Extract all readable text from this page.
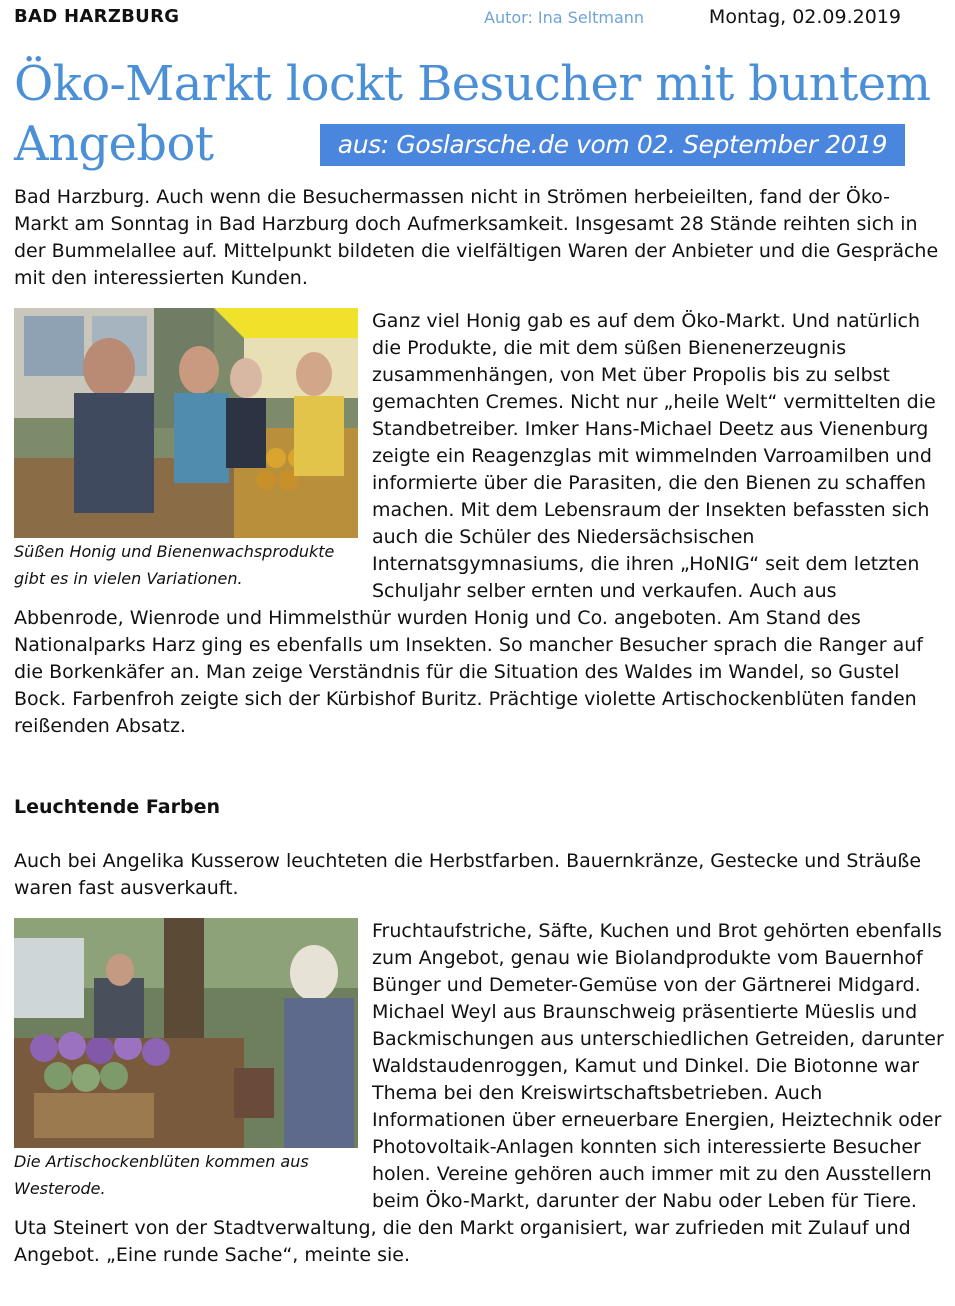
BAD HARZBURG	Autor: Ina Seltmann	Montag, 02.09.2019
Öko-Markt lockt Besucher mit buntem Angebot	aus: Goslarsche.de vom 02. September 2019

Bad Harzburg. Auch wenn die Besuchermassen nicht in Strömen herbeieilten, fand der Öko-Markt am Sonntag in Bad Harzburg doch Aufmerksamkeit. Insgesamt 28 Stände reihten sich in der Bummelallee auf. Mittelpunkt bildeten die vielfältigen Waren der Anbieter und die Gespräche mit den interessierten Kunden.

Süßen Honig und Bienenwachsprodukte gibt es in vielen Variationen.

Ganz viel Honig gab es auf dem Öko-Markt. Und natürlich die Produkte, die mit dem süßen Bienenerzeugnis zusammenhängen, von Met über Propolis bis zu selbst gemachten Cremes. Nicht nur „heile Welt“ vermittelten die Standbetreiber. Imker Hans-Michael Deetz aus Vienenburg zeigte ein Reagenzglas mit wimmelnden Varroamilben und informierte über die Parasiten, die den Bienen zu schaffen machen. Mit dem Lebensraum der Insekten befassten sich auch die Schüler des Niedersächsischen Internatsgymnasiums, die ihren „HoNIG“ seit dem letzten Schuljahr selber ernten und verkaufen. Auch aus Abbenrode, Wienrode und Himmelsthür wurden Honig und Co. angeboten. Am Stand des Nationalparks Harz ging es ebenfalls um Insekten. So mancher Besucher sprach die Ranger auf die Borkenkäfer an. Man zeige Verständnis für die Situation des Waldes im Wandel, so Gustel Bock. Farbenfroh zeigte sich der Kürbishof Buritz. Prächtige violette Artischockenblüten fanden reißenden Absatz.

Leuchtende Farben

Auch bei Angelika Kusserow leuchteten die Herbstfarben. Bauernkränze, Gestecke und Sträuße waren fast ausverkauft.

Die Artischockenblüten kommen aus Westerode.

Fruchtaufstriche, Säfte, Kuchen und Brot gehörten ebenfalls zum Angebot, genau wie Biolandprodukte vom Bauernhof Bünger und Demeter-Gemüse von der Gärtnerei Midgard. Michael Weyl aus Braunschweig präsentierte Müeslis und Backmischungen aus unterschiedlichen Getreiden, darunter Waldstaudenroggen, Kamut und Dinkel. Die Biotonne war Thema bei den Kreiswirtschaftsbetrieben. Auch Informationen über erneuerbare Energien, Heiztechnik oder Photovoltaik-Anlagen konnten sich interessierte Besucher holen. Vereine gehören auch immer mit zu den Ausstellern beim Öko-Markt, darunter der Nabu oder Leben für Tiere. Uta Steinert von der Stadtverwaltung, die den Markt organisiert, war zufrieden mit Zulauf und Angebot. „Eine runde Sache“, meinte sie.
